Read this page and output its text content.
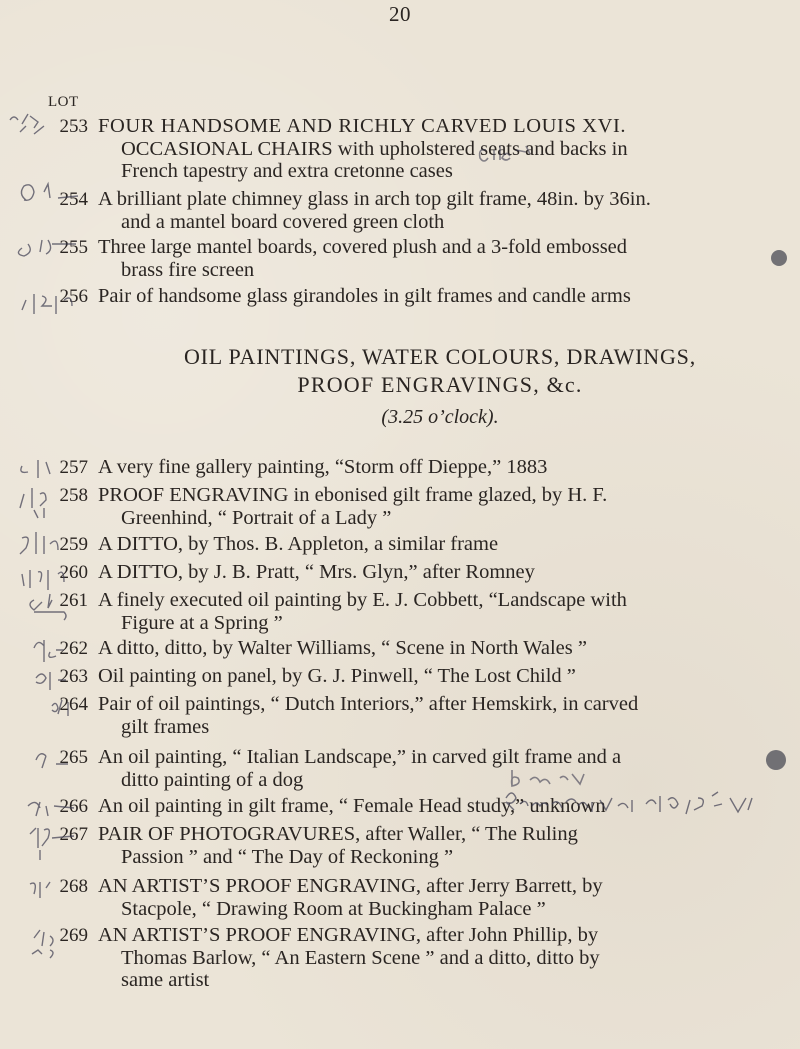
20
LOT
253 FOUR HANDSOME AND RICHLY CARVED LOUIS XVI.
OCCASIONAL CHAIRS with upholstered seats and backs in
French tapestry and extra cretonne cases
254 A brilliant plate chimney glass in arch top gilt frame, 48in. by 36in.
and a mantel board covered green cloth
255 Three large mantel boards, covered plush and a 3-fold embossed
brass fire screen
256 Pair of handsome glass girandoles in gilt frames and candle arms
OIL PAINTINGS, WATER COLOURS, DRAWINGS,
PROOF ENGRAVINGS, &c.
(3.25 o’clock).
257 A very fine gallery painting, “Storm off Dieppe,” 1883
258 PROOF ENGRAVING in ebonised gilt frame glazed, by H. F.
Greenhind, “ Portrait of a Lady ”
259 A DITTO, by Thos. B. Appleton, a similar frame
260 A DITTO, by J. B. Pratt, “ Mrs. Glyn,” after Romney
261 A finely executed oil painting by E. J. Cobbett, “Landscape with
Figure at a Spring ”
262 A ditto, ditto, by Walter Williams, “ Scene in North Wales ”
263 Oil painting on panel, by G. J. Pinwell, “ The Lost Child ”
264 Pair of oil paintings, “ Dutch Interiors,” after Hemskirk, in carved
gilt frames
265 An oil painting, “ Italian Landscape,” in carved gilt frame and a
ditto painting of a dog
266 An oil painting in gilt frame, “ Female Head study,” unknown
267 PAIR OF PHOTOGRAVURES, after Waller, “ The Ruling
Passion ” and “ The Day of Reckoning ”
268 AN ARTIST’S PROOF ENGRAVING, after Jerry Barrett, by
Stacpole, “ Drawing Room at Buckingham Palace ”
269 AN ARTIST’S PROOF ENGRAVING, after John Phillip, by
Thomas Barlow, “ An Eastern Scene ” and a ditto, ditto by
same artist
